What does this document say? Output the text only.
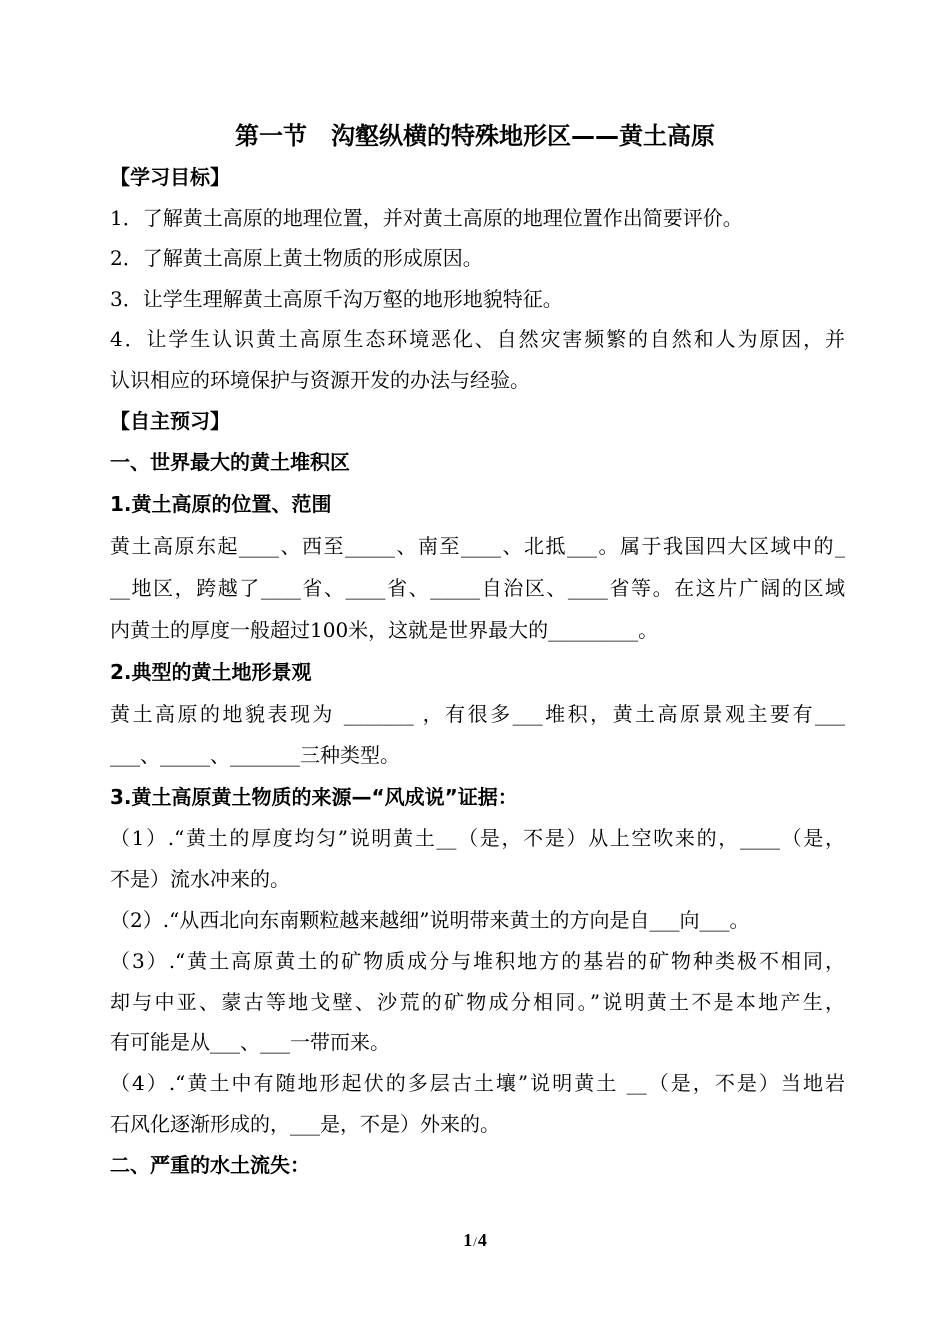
第一节　沟壑纵横的特殊地形区——黄土高原
【学习目标】
1．了解黄土高原的地理位置，并对黄土高原的地理位置作出简要评价。
2．了解黄土高原上黄土物质的形成原因。
3．让学生理解黄土高原千沟万壑的地形地貌特征。
4．让学生认识黄土高原生态环境恶化、自然灾害频繁的自然和人为原因，并
认识相应的环境保护与资源开发的办法与经验。
【自主预习】
一、世界最大的黄土堆积区
1.黄土高原的位置、范围
黄土高原东起____、西至_____、南至____、北抵___。属于我国四大区域中的_
__地区，跨越了____省、____省、_____自治区、____省等。在这片广阔的区域
内黄土的厚度一般超过100米，这就是世界最大的_________。
2.典型的黄土地形景观
黄土高原的地貌表现为 _______ ，有很多___堆积，黄土高原景观主要有___
___、_____、_______三种类型。
3.黄土高原黄土物质的来源—“风成说”证据：
（1）.“黄土的厚度均匀”说明黄土__（是，不是）从上空吹来的，____（是，
不是）流水冲来的。
（2）.“从西北向东南颗粒越来越细”说明带来黄土的方向是自___向___。
（3）.“黄土高原黄土的矿物质成分与堆积地方的基岩的矿物种类极不相同，
却与中亚、蒙古等地戈壁、沙荒的矿物成分相同。”说明黄土不是本地产生，
有可能是从___、___一带而来。
（4）.“黄土中有随地形起伏的多层古土壤”说明黄土 __（是，不是）当地岩
石风化逐渐形成的，___是，不是）外来的。
二、严重的水土流失：
1/4
